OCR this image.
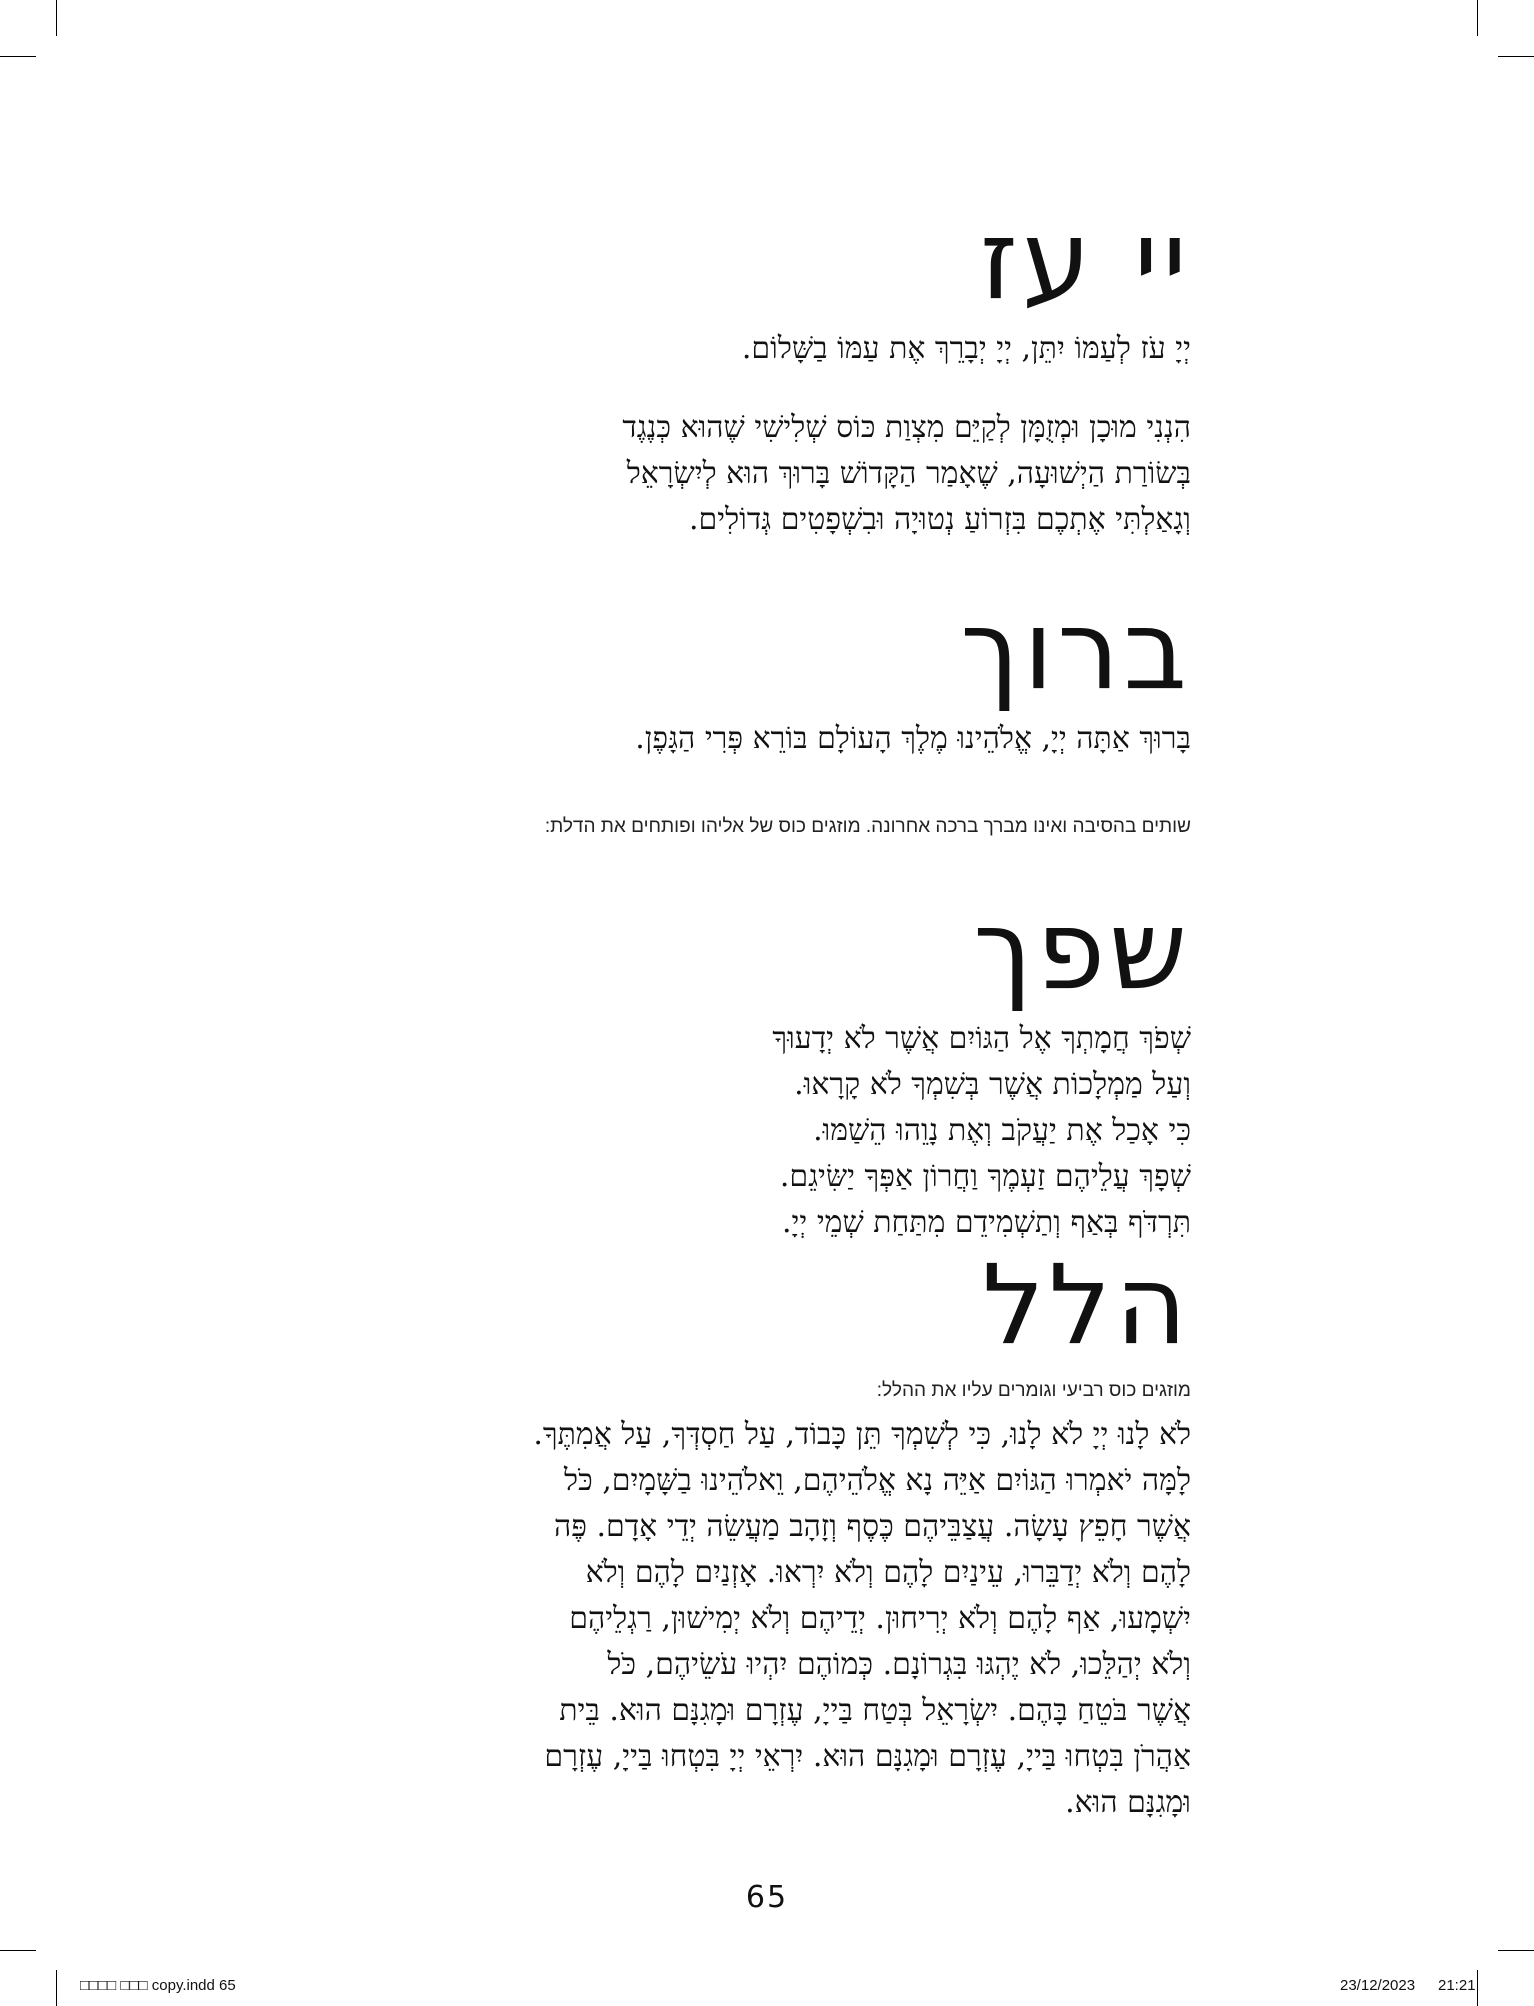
יי עז
יְיָ עֹז לְעַמּוֹ יִתֵּן, יְיָ יְבָרֵךְ אֶת עַמּוֹ בַשָּׁלוֹם.
הִנְנִי מוּכָן וּמְזֻמָּן לְקַיֵּם מִצְוַת כּוֹס שְׁלִישִׁי שֶׁהוּא כְּנֶגֶד
בְּשׂוֹרַת הַיְשׁוּעָה, שֶׁאָמַר הַקָּדוֹשׁ בָּרוּךְ הוּא לְיִשְׂרָאֵל
וְגָאַלְתִּי אֶתְכֶם בִּזְרוֹעַ נְטוּיָה וּבִשְׁפָטִים גְּדוֹלִים.
ברוך
בָּרוּךְ אַתָּה יְיָ, אֱלֹהֵינוּ מֶלֶךְ הָעוֹלָם בּוֹרֵא פְּרִי הַגָּפֶן.
שותים בהסיבה ואינו מברך ברכה אחרונה. מוזגים כוס של אליהו ופותחים את הדלת:
שפך
שְׁפֹךְ חֲמָתְךָ אֶל הַגּוֹיִם אֲשֶׁר לֹא יְדָעוּךָ
וְעַל מַמְלָכוֹת אֲשֶׁר בְּשִׁמְךָ לֹא קָרָאוּ.
כִּי אָכַל אֶת יַעֲקֹב וְאֶת נָוֵהוּ הֵשַׁמּוּ.
שְׁפָךְ עֲלֵיהֶם זַעְמֶךָ וַחֲרוֹן אַפְּךָ יַשִּׂיגֵם.
תִּרְדֹּף בְּאַף וְתַשְׁמִידֵם מִתַּחַת שְׁמֵי יְיָ.
הלל
מוזגים כוס רביעי וגומרים עליו את ההלל:
לֹא לָנוּ יְיָ לֹא לָנוּ, כִּי לְשִׁמְךָ תֵּן כָּבוֹד, עַל חַסְדְּךָ, עַל אֲמִתֶּךָ.
לָמָּה יֹאמְרוּ הַגּוֹיִם אַיֵּה נָא אֱלֹהֵיהֶם, וֵאלֹהֵינוּ בַשָּׁמָיִם, כֹּל
אֲשֶׁר חָפֵץ עָשָׂה. עֲצַבֵּיהֶם כֶּסֶף וְזָהָב מַעֲשֵׂה יְדֵי אָדָם. פֶּה
לָהֶם וְלֹא יְדַבֵּרוּ, עֵינַיִם לָהֶם וְלֹא יִרְאוּ. אָזְנַיִם לָהֶם וְלֹא
יִשְׁמָעוּ, אַף לָהֶם וְלֹא יְרִיחוּן. יְדֵיהֶם וְלֹא יְמִישׁוּן, רַגְלֵיהֶם
וְלֹא יְהַלֵּכוּ, לֹא יֶהְגּוּ בִּגְרוֹנָם. כְּמוֹהֶם יִהְיוּ עֹשֵׂיהֶם, כֹּל
אֲשֶׁר בֹּטֵחַ בָּהֶם. יִשְׂרָאֵל בְּטַח בַּייָ, עֶזְרָם וּמָגִנָּם הוּא. בֵּית
אַהֲרֹן בִּטְחוּ בַּייָ, עֶזְרָם וּמָגִנָּם הוּא. יִרְאֵי יְיָ בִּטְחוּ בַּייָ, עֶזְרָם
וּמָגִנָּם הוּא.
65
□□□□ □□□ copy.indd 65	23/12/2023 21:21
